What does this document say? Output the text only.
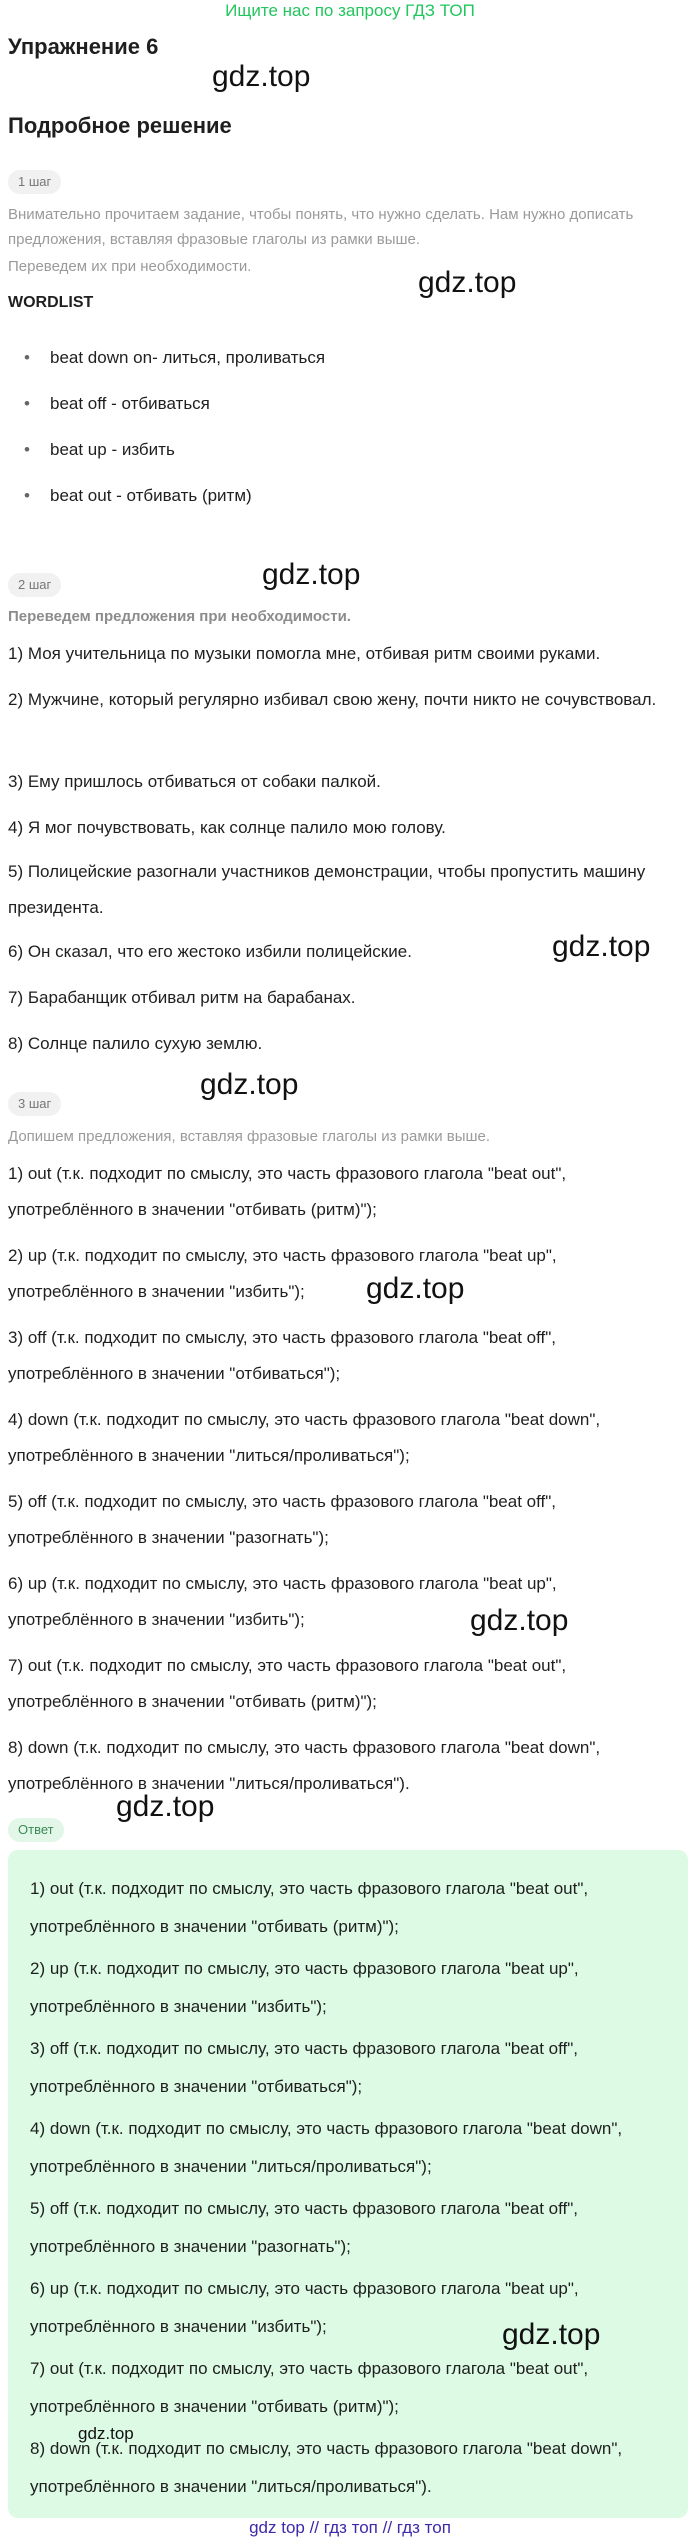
Ищите нас по запросу ГДЗ ТОП
Упражнение 6
gdz.top
Подробное решение
1 шаг
Внимательно прочитаем задание, чтобы понять, что нужно сделать. Нам нужно дописать предложения, вставляя фразовые глаголы из рамки выше.
Переведем их при необходимости.
WORDLIST
gdz.top
• beat down on- литься, проливаться
• beat off - отбиваться
• beat up - избить
• beat out - отбивать (ритм)
2 шаг	gdz.top
Переведем предложения при необходимости.
1) Моя учительница по музыки помогла мне, отбивая ритм своими руками.
2) Мужчине, который регулярно избивал свою жену, почти никто не сочувствовал.
3) Ему пришлось отбиваться от собаки палкой.
4) Я мог почувствовать, как солнце палило мою голову.
5) Полицейские разогнали участников демонстрации, чтобы пропустить машину президента.
6) Он сказал, что его жестоко избили полицейские.	gdz.top
7) Барабанщик отбивал ритм на барабанах.
8) Солнце палило сухую землю.
gdz.top
3 шаг
Допишем предложения, вставляя фразовые глаголы из рамки выше.
1) out (т.к. подходит по смыслу, это часть фразового глагола "beat out", употреблённого в значении "отбивать (ритм)");
2) up (т.к. подходит по смыслу, это часть фразового глагола "beat up", употреблённого в значении "избить");	gdz.top
3) off (т.к. подходит по смыслу, это часть фразового глагола "beat off", употреблённого в значении "отбиваться");
4) down (т.к. подходит по смыслу, это часть фразового глагола "beat down", употреблённого в значении "литься/проливаться");
5) off (т.к. подходит по смыслу, это часть фразового глагола "beat off", употреблённого в значении "разогнать");
6) up (т.к. подходит по смыслу, это часть фразового глагола "beat up", употреблённого в значении "избить");	gdz.top
7) out (т.к. подходит по смыслу, это часть фразового глагола "beat out", употреблённого в значении "отбивать (ритм)");
8) down (т.к. подходит по смыслу, это часть фразового глагола "beat down", употреблённого в значении "литься/проливаться").
gdz.top
Ответ
1) out (т.к. подходит по смыслу, это часть фразового глагола "beat out", употреблённого в значении "отбивать (ритм)");
2) up (т.к. подходит по смыслу, это часть фразового глагола "beat up", употреблённого в значении "избить");
3) off (т.к. подходит по смыслу, это часть фразового глагола "beat off", употреблённого в значении "отбиваться");
4) down (т.к. подходит по смыслу, это часть фразового глагола "beat down", употреблённого в значении "литься/проливаться");
5) off (т.к. подходит по смыслу, это часть фразового глагола "beat off", употреблённого в значении "разогнать");
6) up (т.к. подходит по смыслу, это часть фразового глагола "beat up", употреблённого в значении "избить");	gdz.top
7) out (т.к. подходит по смыслу, это часть фразового глагола "beat out", употреблённого в значении "отбивать (ритм)");
gdz.top
8) down (т.к. подходит по смыслу, это часть фразового глагола "beat down", употреблённого в значении "литься/проливаться").
gdz top // гдз топ // гдз топ
